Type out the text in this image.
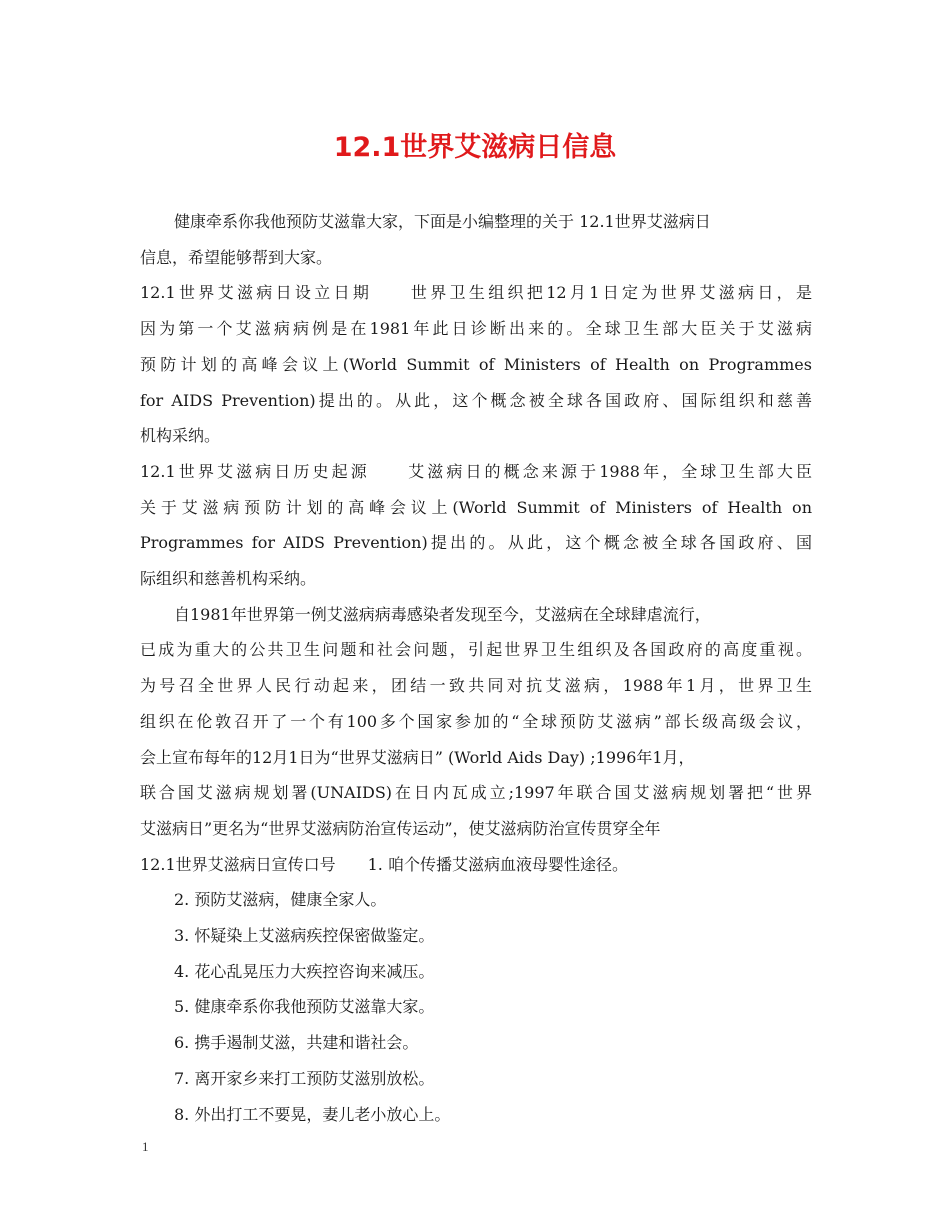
12.1世界艾滋病日信息

健康牵系你我他预防艾滋靠大家，下面是小编整理的关于 12.1世界艾滋病日

信息，希望能够帮到大家。

12.1世界艾滋病日设立日期　　世界卫生组织把12月1日定为世界艾滋病日，是

因为第一个艾滋病病例是在1981年此日诊断出来的。全球卫生部大臣关于艾滋病

预防计划的高峰会议上(World Summit of Ministers of Health on Programmes

for AIDS Prevention)提出的。从此，这个概念被全球各国政府、国际组织和慈善

机构采纳。

12.1世界艾滋病日历史起源　　艾滋病日的概念来源于1988年，全球卫生部大臣

关于艾滋病预防计划的高峰会议上(World Summit of Ministers of Health on

Programmes for AIDS Prevention)提出的。从此，这个概念被全球各国政府、国

际组织和慈善机构采纳。

自1981年世界第一例艾滋病病毒感染者发现至今，艾滋病在全球肆虐流行，

已成为重大的公共卫生问题和社会问题，引起世界卫生组织及各国政府的高度重视。

为号召全世界人民行动起来，团结一致共同对抗艾滋病，1988年1月，世界卫生

组织在伦敦召开了一个有100多个国家参加的“全球预防艾滋病”部长级高级会议，

会上宣布每年的12月1日为“世界艾滋病日” (World Aids Day) ;1996年1月，

联合国艾滋病规划署(UNAIDS)在日内瓦成立;1997年联合国艾滋病规划署把“世界

艾滋病日”更名为“世界艾滋病防治宣传运动”，使艾滋病防治宣传贯穿全年

12.1世界艾滋病日宣传口号　　1. 咱个传播艾滋病血液母婴性途径。

2. 预防艾滋病，健康全家人。

3. 怀疑染上艾滋病疾控保密做鉴定。

4. 花心乱晃压力大疾控咨询来减压。

5. 健康牵系你我他预防艾滋靠大家。

6. 携手遏制艾滋，共建和谐社会。

7. 离开家乡来打工预防艾滋别放松。

8. 外出打工不要晃，妻儿老小放心上。

1
